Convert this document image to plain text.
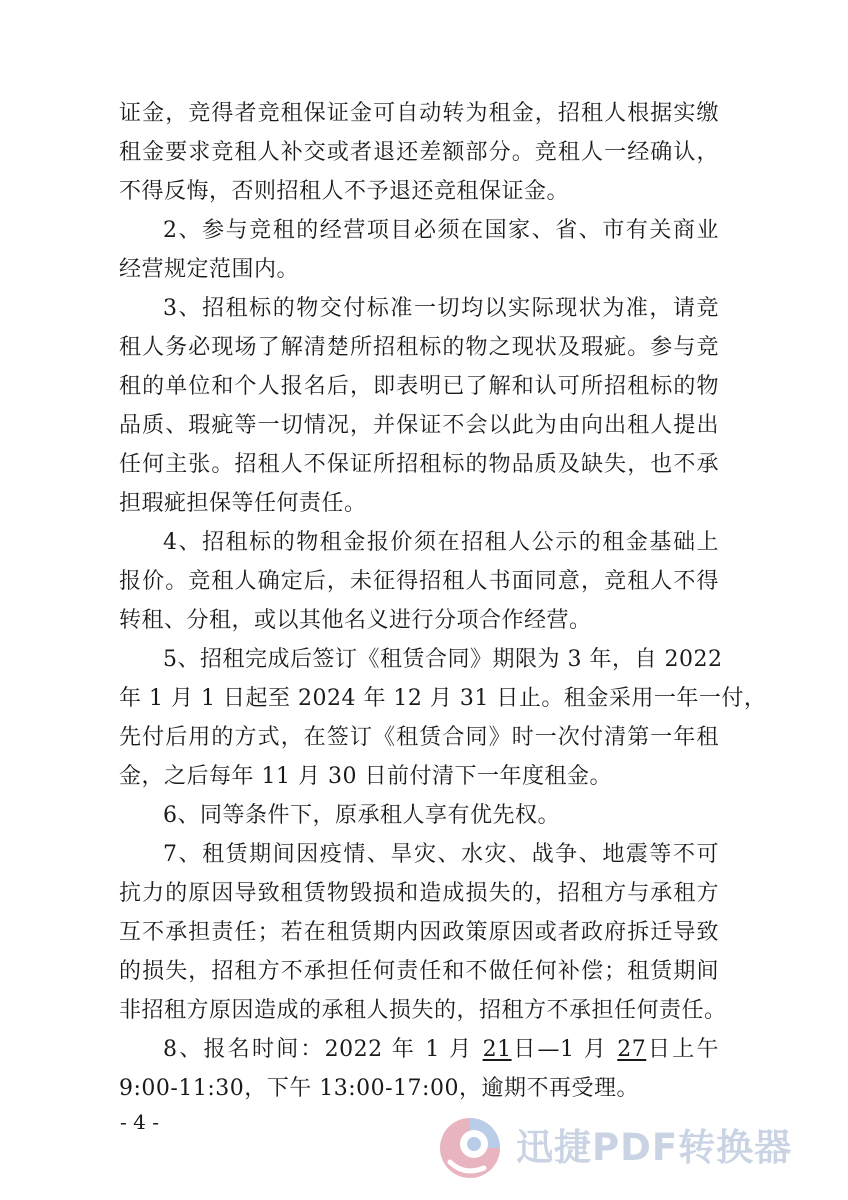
证金，竞得者竞租保证金可自动转为租金，招租人根据实缴
租金要求竞租人补交或者退还差额部分。竞租人一经确认，
不得反悔，否则招租人不予退还竞租保证金。
2、参与竞租的经营项目必须在国家、省、市有关商业
经营规定范围内。
3、招租标的物交付标准一切均以实际现状为准，请竞
租人务必现场了解清楚所招租标的物之现状及瑕疵。参与竞
租的单位和个人报名后，即表明已了解和认可所招租标的物
品质、瑕疵等一切情况，并保证不会以此为由向出租人提出
任何主张。招租人不保证所招租标的物品质及缺失，也不承
担瑕疵担保等任何责任。
4、招租标的物租金报价须在招租人公示的租金基础上
报价。竞租人确定后，未征得招租人书面同意，竞租人不得
转租、分租，或以其他名义进行分项合作经营。
5、招租完成后签订《租赁合同》期限为 3 年，自 2022
年 1 月 1 日起至 2024 年 12 月 31 日止。租金采用一年一付，
先付后用的方式，在签订《租赁合同》时一次付清第一年租
金，之后每年 11 月 30 日前付清下一年度租金。
6、同等条件下，原承租人享有优先权。
7、租赁期间因疫情、旱灾、水灾、战争、地震等不可
抗力的原因导致租赁物毁损和造成损失的，招租方与承租方
互不承担责任；若在租赁期内因政策原因或者政府拆迁导致
的损失，招租方不承担任何责任和不做任何补偿；租赁期间
非招租方原因造成的承租人损失的，招租方不承担任何责任。
8、报名时间：2022 年 1 月 21日—1 月 27日上午
9:00-11:30，下午 13:00-17:00，逾期不再受理。
- 4 -
迅捷PDF转换器
